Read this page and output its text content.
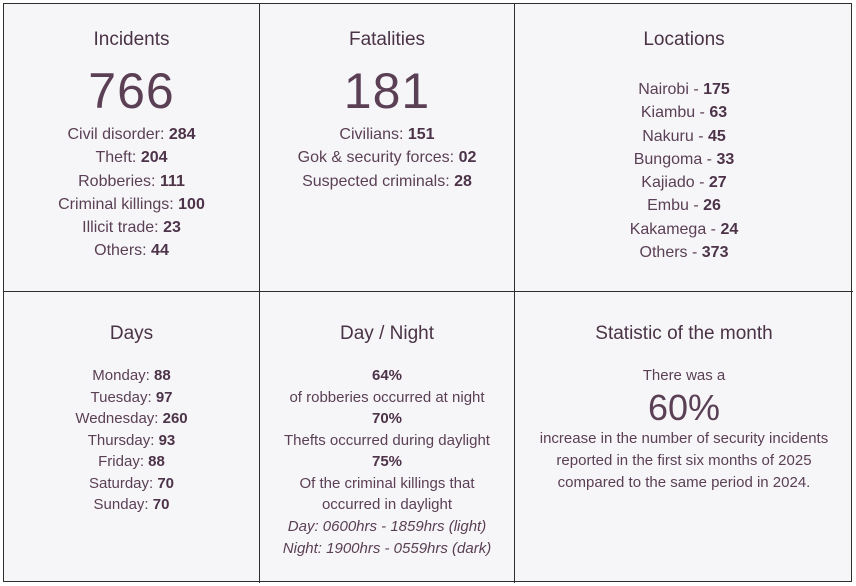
Incidents
766
Civil disorder: 284
Theft: 204
Robberies: 111
Criminal killings: 100
Illicit trade: 23
Others: 44
Fatalities
181
Civilians: 151
Gok & security forces: 02
Suspected criminals: 28
Locations
Nairobi - 175
Kiambu - 63
Nakuru - 45
Bungoma - 33
Kajiado - 27
Embu - 26
Kakamega - 24
Others - 373
Days
Monday: 88
Tuesday: 97
Wednesday: 260
Thursday: 93
Friday: 88
Saturday: 70
Sunday: 70
Day / Night
64%
of robberies occurred at night
70%
Thefts occurred during daylight
75%
Of the criminal killings that
occurred in daylight
Day: 0600hrs - 1859hrs (light)
Night: 1900hrs - 0559hrs (dark)
Statistic of the month
There was a
60%
increase in the number of security incidents
reported in the first six months of 2025
compared to the same period in 2024.
